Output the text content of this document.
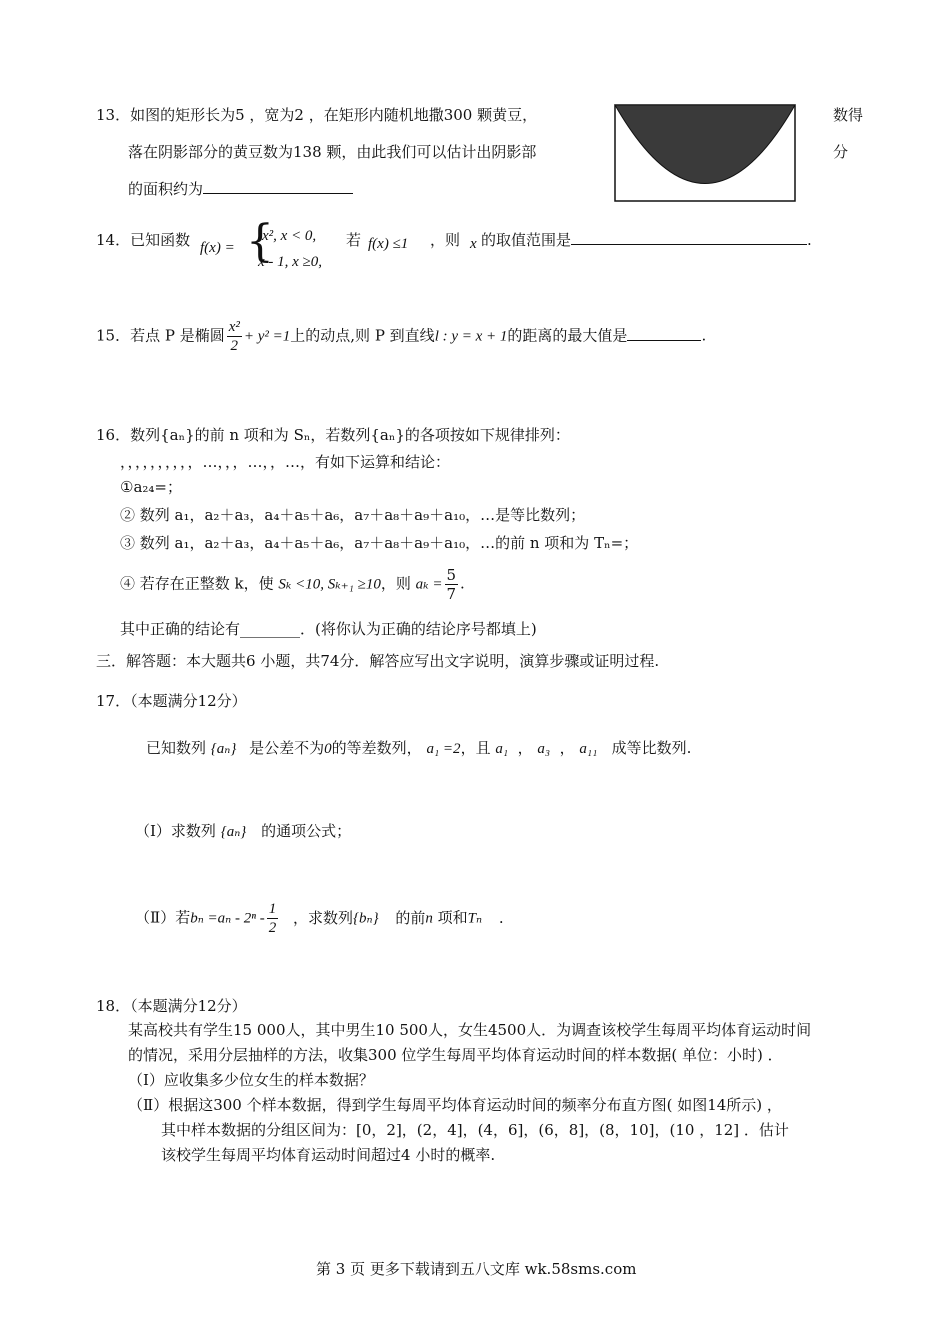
13．如图的矩形长为5 ，宽为2 ，在矩形内随机地撒300 颗黄豆，	数得
落在阴影部分的黄豆数为138 颗，由此我们可以估计出阴影部	分
的面积约为
14．已知函数 f(x) = {
x², x < 0,
x - 1, x ≥0,
若 f(x) ≤1 ，则 x 的取值范围是	.
15．若点 P 是椭圆 $\frac{\text{x²}}{2} + y^2 =1$上的动点,则 P 到直线l : y = x + 1的距离的最大值是	.
16．数列{aₙ}的前 n 项和为 Sₙ，若数列{aₙ}的各项按如下规律排列：
，，，，，，，，，，…，，，…，，…，有如下运算和结论：
①a₂₄=；
② 数列 a₁，a₂＋a₃，a₄＋a₅＋a₆，a₇＋a₈＋a₉＋a₁₀，…是等比数列；
③ 数列 a₁，a₂＋a₃，a₄＋a₅＋a₆，a₇＋a₈＋a₉＋a₁₀，…的前 n 项和为 Tₙ=；
④ 若存在正整数 k，使 Sₖ <10, Sₖ₊₁ ≥10，则 $a_k = \frac{5}{7}$ .
其中正确的结论有________．(将你认为正确的结论序号都填上)
三．解答题：本大题共6 小题，共74分．解答应写出文字说明，演算步骤或证明过程.
17．（本题满分12分）
已知数列 {aₙ} 是公差不为0的等差数列， a₁ =2，且 a₁  ， a₃  ， a₁₁ 成等比数列.
（Ⅰ）求数列 {aₙ} 的通项公式；
（Ⅱ）若$b_n =a_n - 2^n - \frac{1}{2}$ ，求数列{bₙ} 的前n 项和Tₙ .
18．（本题满分12分）
某高校共有学生15 000人，其中男生10 500人，女生4500人．为调查该校学生每周平均体育运动时间
的情况，采用分层抽样的方法，收集300 位学生每周平均体育运动时间的样本数据( 单位：小时) ．
（Ⅰ）应收集多少位女生的样本数据？
（Ⅱ）根据这300 个样本数据，得到学生每周平均体育运动时间的频率分布直方图( 如图14所示) ，
其中样本数据的分组区间为：[0，2]，(2，4]，(4，6]，(6，8]，(8，10]，(10 ，12] ．估计
该校学生每周平均体育运动时间超过4 小时的概率.
第 3 页 更多下载请到五八文库 wk.58sms.com
